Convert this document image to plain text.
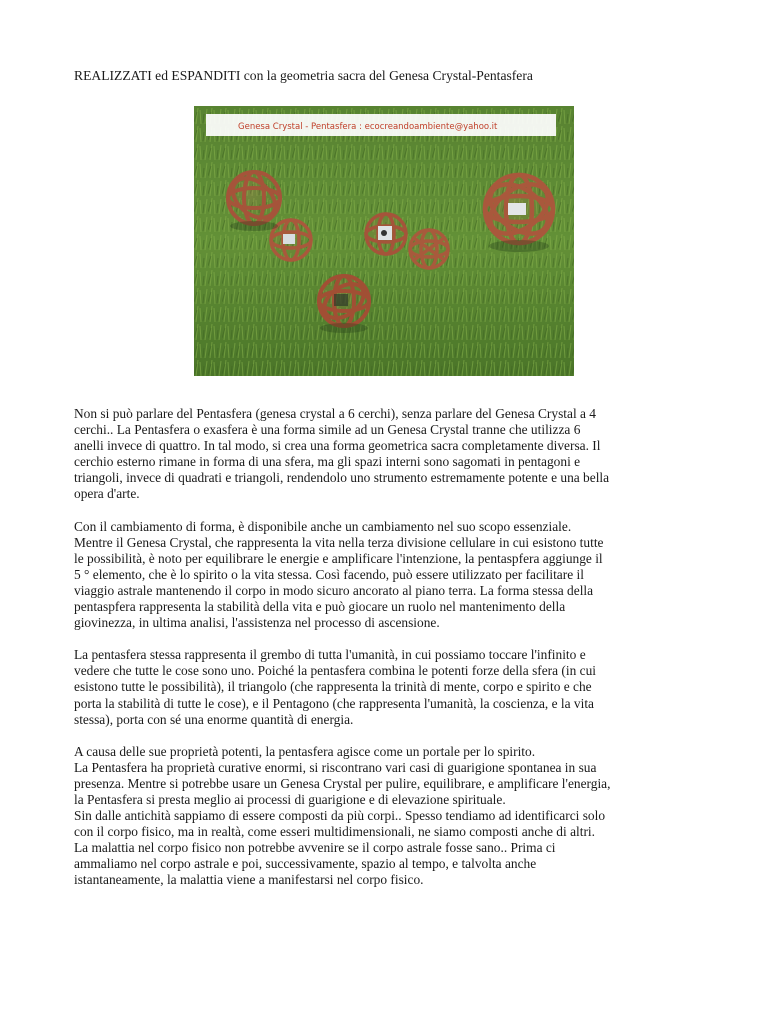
REALIZZATI ed ESPANDITI con la geometria sacra del Genesa Crystal-Pentasfera
Genesa Crystal - Pentasfera : ecocreandoambiente@yahoo.it

Non si può parlare del Pentasfera (genesa crystal a 6 cerchi), senza parlare del Genesa Crystal a 4
cerchi.. La Pentasfera o exasfera è una forma simile ad un Genesa Crystal tranne che utilizza 6
anelli invece di quattro. In tal modo, si crea una forma geometrica sacra completamente diversa. Il
cerchio esterno rimane in forma di una sfera, ma gli spazi interni sono sagomati in pentagoni e
triangoli, invece di quadrati e triangoli, rendendolo uno strumento estremamente potente e una bella
opera d'arte.

Con il cambiamento di forma, è disponibile anche un cambiamento nel suo scopo essenziale.
Mentre il Genesa Crystal, che rappresenta la vita nella terza divisione cellulare in cui esistono tutte
le possibilità, è noto per equilibrare le energie e amplificare l'intenzione, la pentaspfera aggiunge il
5 ° elemento, che è lo spirito o la vita stessa. Così facendo, può essere utilizzato per facilitare il
viaggio astrale mantenendo il corpo in modo sicuro ancorato al piano terra. La forma stessa della
pentaspfera rappresenta la stabilità della vita e può giocare un ruolo nel mantenimento della
giovinezza, in ultima analisi, l'assistenza nel processo di ascensione.

La pentasfera stessa rappresenta il grembo di tutta l'umanità, in cui possiamo toccare l'infinito e
vedere che tutte le cose sono uno. Poiché la pentasfera combina le potenti forze della sfera (in cui
esistono tutte le possibilità), il triangolo (che rappresenta la trinità di mente, corpo e spirito e che
porta la stabilità di tutte le cose), e il Pentagono (che rappresenta l'umanità, la coscienza, e la vita
stessa), porta con sé una enorme quantità di energia.

A causa delle sue proprietà potenti, la pentasfera agisce come un portale per lo spirito.
La Pentasfera ha proprietà curative enormi, si riscontrano vari casi di guarigione spontanea in sua
presenza. Mentre si potrebbe usare un Genesa Crystal per pulire, equilibrare, e amplificare l'energia,
la Pentasfera si presta meglio ai processi di guarigione e di elevazione spirituale.
Sin dalle antichità sappiamo di essere composti da più corpi.. Spesso tendiamo ad identificarci solo
con il corpo fisico, ma in realtà, come esseri multidimensionali, ne siamo composti anche di altri.
La malattia nel corpo fisico non potrebbe avvenire se il corpo astrale fosse sano.. Prima ci
ammaliamo nel corpo astrale e poi, successivamente, spazio al tempo, e talvolta anche
istantaneamente, la malattia viene a manifestarsi nel corpo fisico.
